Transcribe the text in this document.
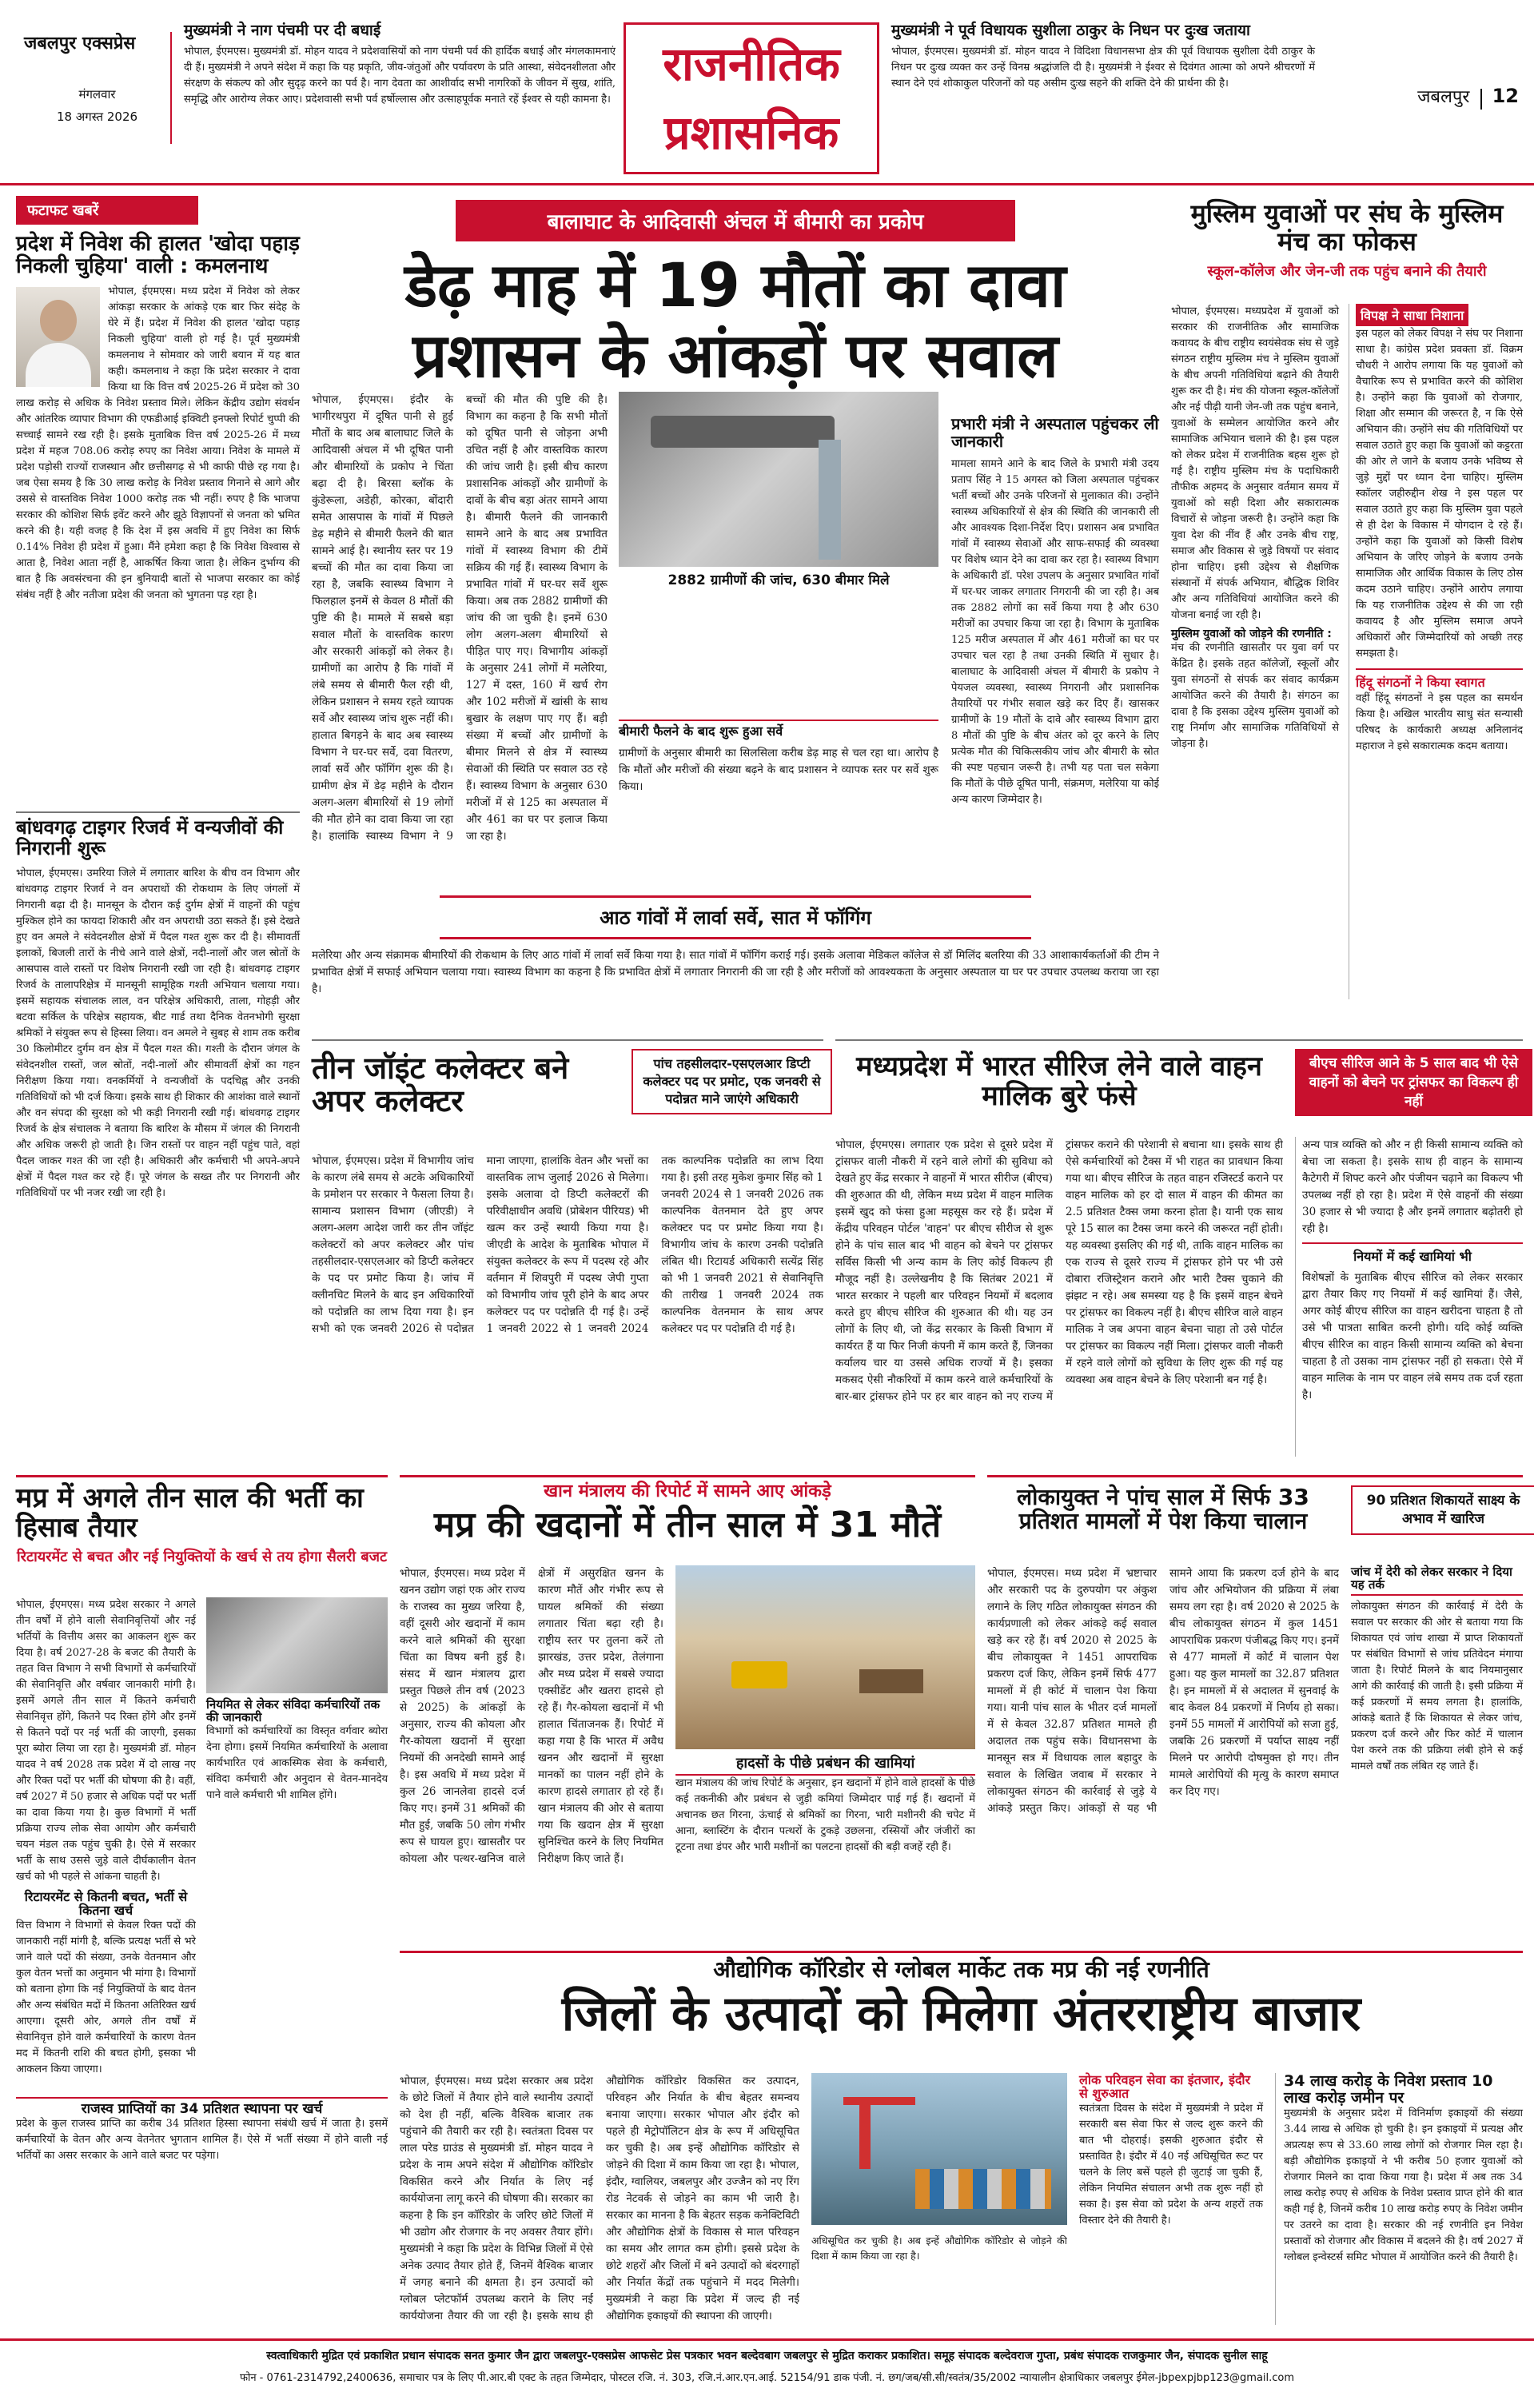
जबलपुर एक्सप्रेस
मंगलवार
18 अगस्त 2026
मुख्यमंत्री ने नाग पंचमी पर दी बधाई
भोपाल, ईएमएस। मुख्यमंत्री डॉ. मोहन यादव ने प्रदेशवासियों को नाग पंचमी पर्व की हार्दिक बधाई और मंगलकामनाएं दी हैं। मुख्यमंत्री ने अपने संदेश में कहा कि यह प्रकृति, जीव-जंतुओं और पर्यावरण के प्रति आस्था, संवेदनशीलता और संरक्षण के संकल्प को और सुदृढ़ करने का पर्व है। नाग देवता का आशीर्वाद सभी नागरिकों के जीवन में सुख, शांति, समृद्धि और आरोग्य लेकर आए। प्रदेशवासी सभी पर्व हर्षोल्लास और उत्साहपूर्वक मनाते रहें ईश्वर से यही कामना है।
राजनीतिक
प्रशासनिक
मुख्यमंत्री ने पूर्व विधायक सुशीला ठाकुर के निधन पर दुःख जताया
भोपाल, ईएमएस। मुख्यमंत्री डॉ. मोहन यादव ने विदिशा विधानसभा क्षेत्र की पूर्व विधायक सुशीला देवी ठाकुर के निधन पर दुःख व्यक्त कर उन्हें विनम्र श्रद्धांजलि दी है। मुख्यमंत्री ने ईश्वर से दिवंगत आत्मा को अपने श्रीचरणों में स्थान देने एवं शोकाकुल परिजनों को यह असीम दुःख सहने की शक्ति देने की प्रार्थना की है।
जबलपुर 12
फटाफट खबरें
प्रदेश में निवेश की हालत 'खोदा पहाड़ निकली चुहिया' वाली : कमलनाथ
भोपाल, ईएमएस। मध्य प्रदेश में निवेश को लेकर आंकड़ा सरकार के आंकड़े एक बार फिर संदेह के घेरे में हैं। प्रदेश में निवेश की हालत 'खोदा पहाड़ निकली चुहिया' वाली हो गई है। पूर्व मुख्यमंत्री कमलनाथ ने सोमवार को जारी बयान में यह बात कही। कमलनाथ ने कहा कि प्रदेश सरकार ने दावा किया था कि वित्त वर्ष 2025-26 में प्रदेश को 30 लाख करोड़ से अधिक के निवेश प्रस्ताव मिले। लेकिन केंद्रीय उद्योग संवर्धन और आंतरिक व्यापार विभाग की एफडीआई इक्विटी इनफ्लो रिपोर्ट चुप्पी की सच्चाई सामने रख रही है। इसके मुताबिक वित्त वर्ष 2025-26 में मध्य प्रदेश में महज 708.06 करोड़ रुपए का निवेश आया। निवेश के मामले में प्रदेश पड़ोसी राज्यों राजस्थान और छत्तीसगढ़ से भी काफी पीछे रह गया है। जब ऐसा समय है कि 30 लाख करोड़ के निवेश प्रस्ताव गिनाने से आगे और उससे से वास्तविक निवेश 1000 करोड़ तक भी नहीं। रुपए है कि भाजपा सरकार की कोशिश सिर्फ इवेंट करने और झूठे विज्ञापनों से जनता को भ्रमित करने की है। यही वजह है कि देश में इस अवधि में हुए निवेश का सिर्फ 0.14% निवेश ही प्रदेश में हुआ। मैंने हमेशा कहा है कि निवेश विश्वास से आता है, निवेश आता नहीं है, आकर्षित किया जाता है। लेकिन दुर्भाग्य की बात है कि अवसंरचना की इन बुनियादी बातों से भाजपा सरकार का कोई संबंध नहीं है और नतीजा प्रदेश की जनता को भुगतना पड़ रहा है।
बांधवगढ़ टाइगर रिजर्व में वन्यजीवों की निगरानी शुरू
भोपाल, ईएमएस। उमरिया जिले में लगातार बारिश के बीच वन विभाग और बांधवगढ़ टाइगर रिजर्व ने वन अपराधों की रोकथाम के लिए जंगलों में निगरानी बढ़ा दी है। मानसून के दौरान कई दुर्गम क्षेत्रों में वाहनों की पहुंच मुश्किल होने का फायदा शिकारी और वन अपराधी उठा सकते हैं। इसे देखते हुए वन अमले ने संवेदनशील क्षेत्रों में पैदल गश्त शुरू कर दी है। सीमावर्ती इलाकों, बिजली तारों के नीचे आने वाले क्षेत्रों, नदी-नालों और जल स्रोतों के आसपास वाले रास्तों पर विशेष निगरानी रखी जा रही है। बांधवगढ़ टाइगर रिजर्व के तालापरिक्षेत्र में मानसूनी सामूहिक गश्ती अभियान चलाया गया। इसमें सहायक संचालक लाल, वन परिक्षेत्र अधिकारी, ताला, गोहड़ी और बटवा सर्किल के परिक्षेत्र सहायक, बीट गार्ड तथा दैनिक वेतनभोगी सुरक्षा श्रमिकों ने संयुक्त रूप से हिस्सा लिया। वन अमले ने सुबह से शाम तक करीब 30 किलोमीटर दुर्गम वन क्षेत्र में पैदल गश्त की। गश्ती के दौरान जंगल के संवेदनशील रास्तों, जल स्रोतों, नदी-नालों और सीमावर्ती क्षेत्रों का गहन निरीक्षण किया गया। वनकर्मियों ने वन्यजीवों के पदचिह्न और उनकी गतिविधियों को भी दर्ज किया। इसके साथ ही शिकार की आशंका वाले स्थानों और वन संपदा की सुरक्षा को भी कड़ी निगरानी रखी गई। बांधवगढ़ टाइगर रिजर्व के क्षेत्र संचालक ने बताया कि बारिश के मौसम में जंगल की निगरानी और अधिक जरूरी हो जाती है। जिन रास्तों पर वाहन नहीं पहुंच पाते, वहां पैदल जाकर गश्त की जा रही है। अधिकारी और कर्मचारी भी अपने-अपने क्षेत्रों में पैदल गश्त कर रहे हैं। पूरे जंगल के सख्त तौर पर निगरानी और गतिविधियों पर भी नजर रखी जा रही है।
बालाघाट के आदिवासी अंचल में बीमारी का प्रकोप
डेढ़ माह में 19 मौतों का दावा
प्रशासन के आंकड़ों पर सवाल
भोपाल, ईएमएस। इंदौर के भागीरथपुरा में दूषित पानी से हुई मौतों के बाद अब बालाघाट जिले के आदिवासी अंचल में भी दूषित पानी और बीमारियों के प्रकोप ने चिंता बढ़ा दी है। बिरसा ब्लॉक के कुंडेरूला, अडेही, कोरका, बोंदारी समेत आसपास के गांवों में पिछले डेढ़ महीने से बीमारी फैलने की बात सामने आई है। स्थानीय स्तर पर 19 बच्चों की मौत का दावा किया जा रहा है, जबकि स्वास्थ्य विभाग ने फिलहाल इनमें से केवल 8 मौतों की पुष्टि की है। मामले में सबसे बड़ा सवाल मौतों के वास्तविक कारण और सरकारी आंकड़ों को लेकर है। ग्रामीणों का आरोप है कि गांवों में लंबे समय से बीमारी फैल रही थी, लेकिन प्रशासन ने समय रहते व्यापक सर्वे और स्वास्थ्य जांच शुरू नहीं की। हालात बिगड़ने के बाद अब स्वास्थ्य विभाग ने घर-घर सर्वे, दवा वितरण, लार्वा सर्वे और फॉगिंग शुरू की है। ग्रामीण क्षेत्र में डेढ़ महीने के दौरान अलग-अलग बीमारियों से 19 लोगों की मौत होने का दावा किया जा रहा है। हालांकि स्वास्थ्य विभाग ने 9 बच्चों की मौत की पुष्टि की है। विभाग का कहना है कि सभी मौतों को दूषित पानी से जोड़ना अभी उचित नहीं है और वास्तविक कारण की जांच जारी है। इसी बीच कारण प्रशासनिक आंकड़ों और ग्रामीणों के दावों के बीच बड़ा अंतर सामने आया है। बीमारी फैलने की जानकारी सामने आने के बाद अब प्रभावित गांवों में स्वास्थ्य विभाग की टीमें सक्रिय की गई हैं। स्वास्थ्य विभाग के प्रभावित गांवों में घर-घर सर्वे शुरू किया। अब तक 2882 ग्रामीणों की जांच की जा चुकी है। इनमें 630 लोग अलग-अलग बीमारियों से पीड़ित पाए गए। विभागीय आंकड़ों के अनुसार 241 लोगों में मलेरिया, 127 में दस्त, 160 में खर्च रोग और 102 मरीजों में खांसी के साथ बुखार के लक्षण पाए गए हैं। बड़ी संख्या में बच्चों और ग्रामीणों के बीमार मिलने से क्षेत्र में स्वास्थ्य सेवाओं की स्थिति पर सवाल उठ रहे हैं। स्वास्थ्य विभाग के अनुसार 630 मरीजों में से 125 का अस्पताल में और 461 का घर पर इलाज किया जा रहा है।
2882 ग्रामीणों की जांच, 630 बीमार मिले
ग्रामीणों के अनुसार बीमारी का सिलसिला करीब डेढ़ माह से चल रहा था। आरोप है कि मौतों और मरीजों की संख्या बढ़ने के बाद प्रशासन ने व्यापक स्तर पर सर्वे शुरू किया।
बीमारी फैलने के बाद शुरू हुआ सर्वे
प्रभारी मंत्री ने अस्पताल पहुंचकर ली जानकारी
मामला सामने आने के बाद जिले के प्रभारी मंत्री उदय प्रताप सिंह ने 15 अगस्त को जिला अस्पताल पहुंचकर भर्ती बच्चों और उनके परिजनों से मुलाकात की। उन्होंने स्वास्थ्य अधिकारियों से क्षेत्र की स्थिति की जानकारी ली और आवश्यक दिशा-निर्देश दिए। प्रशासन अब प्रभावित गांवों में स्वास्थ्य सेवाओं और साफ-सफाई की व्यवस्था पर विशेष ध्यान देने का दावा कर रहा है। स्वास्थ्य विभाग के अधिकारी डॉ. परेश उपलप के अनुसार प्रभावित गांवों में घर-घर जाकर लगातार निगरानी की जा रही है। अब तक 2882 लोगों का सर्वे किया गया है और 630 मरीजों का उपचार किया जा रहा है। विभाग के मुताबिक 125 मरीज अस्पताल में और 461 मरीजों का घर पर उपचार चल रहा है तथा उनकी स्थिति में सुधार है। बालाघाट के आदिवासी अंचल में बीमारी के प्रकोप ने पेयजल व्यवस्था, स्वास्थ्य निगरानी और प्रशासनिक तैयारियों पर गंभीर सवाल खड़े कर दिए हैं। खासकर ग्रामीणों के 19 मौतों के दावे और स्वास्थ्य विभाग द्वारा 8 मौतों की पुष्टि के बीच अंतर को दूर करने के लिए प्रत्येक मौत की चिकित्सकीय जांच और बीमारी के स्रोत की स्पष्ट पहचान जरूरी है। तभी यह पता चल सकेगा कि मौतों के पीछे दूषित पानी, संक्रमण, मलेरिया या कोई अन्य कारण जिम्मेदार है।
आठ गांवों में लार्वा सर्वे, सात में फॉगिंग
मलेरिया और अन्य संक्रामक बीमारियों की रोकथाम के लिए आठ गांवों में लार्वा सर्वे किया गया है। सात गांवों में फॉगिंग कराई गई। इसके अलावा मेडिकल कॉलेज से डॉ मिलिंद बलरिया की 33 आशाकार्यकर्ताओं की टीम ने प्रभावित क्षेत्रों में सफाई अभियान चलाया गया। स्वास्थ्य विभाग का कहना है कि प्रभावित क्षेत्रों में लगातार निगरानी की जा रही है और मरीजों को आवश्यकता के अनुसार अस्पताल या घर पर उपचार उपलब्ध कराया जा रहा है।
मुस्लिम युवाओं पर संघ के मुस्लिम मंच का फोकस
स्कूल-कॉलेज और जेन-जी तक पहुंच बनाने की तैयारी
भोपाल, ईएमएस। मध्यप्रदेश में युवाओं को सरकार की राजनीतिक और सामाजिक कवायद के बीच राष्ट्रीय स्वयंसेवक संघ से जुड़े संगठन राष्ट्रीय मुस्लिम मंच ने मुस्लिम युवाओं के बीच अपनी गतिविधियां बढ़ाने की तैयारी शुरू कर दी है। मंच की योजना स्कूल-कॉलेजों और नई पीढ़ी यानी जेन-जी तक पहुंच बनाने, युवाओं के सम्मेलन आयोजित करने और सामाजिक अभियान चलाने की है। इस पहल को लेकर प्रदेश में राजनीतिक बहस शुरू हो गई है। राष्ट्रीय मुस्लिम मंच के पदाधिकारी तौफीक अहमद के अनुसार वर्तमान समय में युवाओं को सही दिशा और सकारात्मक विचारों से जोड़ना जरूरी है। उन्होंने कहा कि युवा देश की नींव हैं और उनके बीच राष्ट्र, समाज और विकास से जुड़े विषयों पर संवाद होना चाहिए। इसी उद्देश्य से शैक्षणिक संस्थानों में संपर्क अभियान, बौद्धिक शिविर और अन्य गतिविधियां आयोजित करने की योजना बनाई जा रही है।
मुस्लिम युवाओं को जोड़ने की रणनीति :
मंच की रणनीति खासतौर पर युवा वर्ग पर केंद्रित है। इसके तहत कॉलेजों, स्कूलों और युवा संगठनों से संपर्क कर संवाद कार्यक्रम आयोजित करने की तैयारी है। संगठन का दावा है कि इसका उद्देश्य मुस्लिम युवाओं को राष्ट्र निर्माण और सामाजिक गतिविधियों से जोड़ना है।
विपक्ष ने साधा निशाना
इस पहल को लेकर विपक्ष ने संघ पर निशाना साधा है। कांग्रेस प्रदेश प्रवक्ता डॉ. विक्रम चौधरी ने आरोप लगाया कि यह युवाओं को वैचारिक रूप से प्रभावित करने की कोशिश है। उन्होंने कहा कि युवाओं को रोजगार, शिक्षा और सम्मान की जरूरत है, न कि ऐसे अभियान की। उन्होंने संघ की गतिविधियों पर सवाल उठाते हुए कहा कि युवाओं को कट्टरता की ओर ले जाने के बजाय उनके भविष्य से जुड़े मुद्दों पर ध्यान देना चाहिए। मुस्लिम स्कॉलर जहीरुद्दीन शेख ने इस पहल पर सवाल उठाते हुए कहा कि मुस्लिम युवा पहले से ही देश के विकास में योगदान दे रहे हैं। उन्होंने कहा कि युवाओं को किसी विशेष अभियान के जरिए जोड़ने के बजाय उनके सामाजिक और आर्थिक विकास के लिए ठोस कदम उठाने चाहिए। उन्होंने आरोप लगाया कि यह राजनीतिक उद्देश्य से की जा रही कवायद है और मुस्लिम समाज अपने अधिकारों और जिम्मेदारियों को अच्छी तरह समझता है।
हिंदू संगठनों ने किया स्वागत
वहीं हिंदू संगठनों ने इस पहल का समर्थन किया है। अखिल भारतीय साधु संत सन्यासी परिषद के कार्यकारी अध्यक्ष अनिलानंद महाराज ने इसे सकारात्मक कदम बताया।
तीन जॉइंट कलेक्टर बने अपर कलेक्टर
पांच तहसीलदार-एसएलआर डिप्टी कलेक्टर पद पर प्रमोट, एक जनवरी से पदोन्नत माने जाएंगे अधिकारी
भोपाल, ईएमएस। प्रदेश में विभागीय जांच के कारण लंबे समय से अटके अधिकारियों के प्रमोशन पर सरकार ने फैसला लिया है। सामान्य प्रशासन विभाग (जीएडी) ने अलग-अलग आदेश जारी कर तीन जॉइंट कलेक्टरों को अपर कलेक्टर और पांच तहसीलदार-एसएलआर को डिप्टी कलेक्टर के पद पर प्रमोट किया है। जांच में क्लीनचिट मिलने के बाद इन अधिकारियों को पदोन्नति का लाभ दिया गया है। इन सभी को एक जनवरी 2026 से पदोन्नत माना जाएगा, हालांकि वेतन और भत्तों का वास्तविक लाभ जुलाई 2026 से मिलेगा। इसके अलावा दो डिप्टी कलेक्टरों की परिवीक्षाधीन अवधि (प्रोबेशन पीरियड) भी खत्म कर उन्हें स्थायी किया गया है। जीएडी के आदेश के मुताबिक भोपाल में संयुक्त कलेक्टर के रूप में पदस्थ रहे और वर्तमान में शिवपुरी में पदस्थ जेपी गुप्ता को विभागीय जांच पूरी होने के बाद अपर कलेक्टर पद पर पदोन्नति दी गई है। उन्हें 1 जनवरी 2022 से 1 जनवरी 2024 तक काल्पनिक पदोन्नति का लाभ दिया गया है। इसी तरह मुकेश कुमार सिंह को 1 जनवरी 2024 से 1 जनवरी 2026 तक काल्पनिक वेतनमान देते हुए अपर कलेक्टर पद पर प्रमोट किया गया है। विभागीय जांच के कारण उनकी पदोन्नति लंबित थी। रिटायर्ड अधिकारी सत्येंद्र सिंह को भी 1 जनवरी 2021 से सेवानिवृत्ति की तारीख 1 जनवरी 2024 तक काल्पनिक वेतनमान के साथ अपर कलेक्टर पद पर पदोन्नति दी गई है।
मध्यप्रदेश में भारत सीरिज लेने वाले वाहन मालिक बुरे फंसे
बीएच सीरिज आने के 5 साल बाद भी ऐसे वाहनों को बेचने पर ट्रांसफर का विकल्प ही नहीं
भोपाल, ईएमएस। लगातार एक प्रदेश से दूसरे प्रदेश में ट्रांसफर वाली नौकरी में रहने वाले लोगों की सुविधा को देखते हुए केंद्र सरकार ने वाहनों में भारत सीरीज (बीएच) की शुरुआत की थी, लेकिन मध्य प्रदेश में वाहन मालिक इसमें खुद को फंसा हुआ महसूस कर रहे हैं। प्रदेश में केंद्रीय परिवहन पोर्टल 'वाहन' पर बीएच सीरीज से शुरू होने के पांच साल बाद भी वाहन को बेचने पर ट्रांसफर सर्विस किसी भी अन्य काम के लिए कोई विकल्प ही मौजूद नहीं है। उल्लेखनीय है कि सितंबर 2021 में भारत सरकार ने पहली बार परिवहन नियमों में बदलाव करते हुए बीएच सीरिज की शुरुआत की थी। यह उन लोगों के लिए थी, जो केंद्र सरकार के किसी विभाग में कार्यरत हैं या फिर निजी कंपनी में काम करते हैं, जिनका कर्यालय चार या उससे अधिक राज्यों में है। इसका मकसद ऐसी नौकरियों में काम करने वाले कर्मचारियों के बार-बार ट्रांसफर होने पर हर बार वाहन को नए राज्य में ट्रांसफर कराने की परेशानी से बचाना था। इसके साथ ही ऐसे कर्मचारियों को टैक्स में भी राहत का प्रावधान किया गया था। बीएच सीरिज के तहत वाहन रजिस्टर्ड कराने पर वाहन मालिक को हर दो साल में वाहन की कीमत का 2.5 प्रतिशत टैक्स जमा करना होता है। यानी एक साथ पूरे 15 साल का टैक्स जमा करने की जरूरत नहीं होती। यह व्यवस्था इसलिए की गई थी, ताकि वाहन मालिक का एक राज्य से दूसरे राज्य में ट्रांसफर होने पर भी उसे दोबारा रजिस्ट्रेशन कराने और भारी टैक्स चुकाने की झंझट न रहे। अब समस्या यह है कि इसमें वाहन बेचने पर ट्रांसफर का विकल्प नहीं है। बीएच सीरिज वाले वाहन मालिक ने जब अपना वाहन बेचना चाहा तो उसे पोर्टल पर ट्रांसफर का विकल्प नहीं मिला। ट्रांसफर वाली नौकरी में रहने वाले लोगों को सुविधा के लिए शुरू की गई यह व्यवस्था अब वाहन बेचने के लिए परेशानी बन गई है।
अन्य पात्र व्यक्ति को और न ही किसी सामान्य व्यक्ति को बेचा जा सकता है। इसके साथ ही वाहन के सामान्य कैटेगरी में शिफ्ट करने और पंजीयन चढ़ाने का विकल्प भी उपलब्ध नहीं हो रहा है। प्रदेश में ऐसे वाहनों की संख्या 30 हजार से भी ज्यादा है और इनमें लगातार बढ़ोतरी हो रही है।
नियमों में कई खामियां भी
विशेषज्ञों के मुताबिक बीएच सीरिज को लेकर सरकार द्वारा तैयार किए गए नियमों में कई खामियां हैं। जैसे, अगर कोई बीएच सीरिज का वाहन खरीदना चाहता है तो उसे भी पात्रता साबित करनी होगी। यदि कोई व्यक्ति बीएच सीरिज का वाहन किसी सामान्य व्यक्ति को बेचना चाहता है तो उसका नाम ट्रांसफर नहीं हो सकता। ऐसे में वाहन मालिक के नाम पर वाहन लंबे समय तक दर्ज रहता है।
मप्र में अगले तीन साल की भर्ती का हिसाब तैयार
रिटायरमेंट से बचत और नई नियुक्तियों के खर्च से तय होगा सैलरी बजट
भोपाल, ईएमएस। मध्य प्रदेश सरकार ने अगले तीन वर्षों में होने वाली सेवानिवृत्तियों और नई भर्तियों के वित्तीय असर का आकलन शुरू कर दिया है। वर्ष 2027-28 के बजट की तैयारी के तहत वित्त विभाग ने सभी विभागों से कर्मचारियों की सेवानिवृत्ति और वर्षवार जानकारी मांगी है। इसमें अगले तीन साल में कितने कर्मचारी सेवानिवृत्त होंगे, कितने पद रिक्त होंगे और इनमें से कितने पदों पर नई भर्ती की जाएगी, इसका पूरा ब्योरा लिया जा रहा है। मुख्यमंत्री डॉ. मोहन यादव ने वर्ष 2028 तक प्रदेश में दो लाख नए और रिक्त पदों पर भर्ती की घोषणा की है। वहीं, वर्ष 2027 में 50 हजार से अधिक पदों पर भर्ती का दावा किया गया है। कुछ विभागों में भर्ती प्रक्रिया राज्य लोक सेवा आयोग और कर्मचारी चयन मंडल तक पहुंच चुकी है। ऐसे में सरकार भर्ती के साथ उससे जुड़े वाले दीर्घकालीन वेतन खर्च को भी पहले से आंकना चाहती है।
रिटायरमेंट से कितनी बचत, भर्ती से कितना खर्च
वित्त विभाग ने विभागों से केवल रिक्त पदों की जानकारी नहीं मांगी है, बल्कि प्रत्यक्ष भर्ती से भरे जाने वाले पदों की संख्या, उनके वेतनमान और कुल वेतन भत्तों का अनुमान भी मांगा है। विभागों को बताना होगा कि नई नियुक्तियों के बाद वेतन और अन्य संबंधित मदों में कितना अतिरिक्त खर्च आएगा। दूसरी ओर, अगले तीन वर्षों में सेवानिवृत्त होने वाले कर्मचारियों के कारण वेतन मद में कितनी राशि की बचत होगी, इसका भी आकलन किया जाएगा।
नियमित से लेकर संविदा कर्मचारियों तक की जानकारी
विभागों को कर्मचारियों का विस्तृत वर्गवार ब्योरा देना होगा। इसमें नियमित कर्मचारियों के अलावा कार्यभारित एवं आकस्मिक सेवा के कर्मचारी, संविदा कर्मचारी और अनुदान से वेतन-मानदेय पाने वाले कर्मचारी भी शामिल होंगे।
राजस्व प्राप्तियों का 34 प्रतिशत स्थापना पर खर्च
प्रदेश के कुल राजस्व प्राप्ति का करीब 34 प्रतिशत हिस्सा स्थापना संबंधी खर्च में जाता है। इसमें कर्मचारियों के वेतन और अन्य वेतनेतर भुगतान शामिल हैं। ऐसे में भर्ती संख्या में होने वाली नई भर्तियों का असर सरकार के आने वाले बजट पर पड़ेगा।
खान मंत्रालय की रिपोर्ट में सामने आए आंकड़े
मप्र की खदानों में तीन साल में 31 मौतें
भोपाल, ईएमएस। मध्य प्रदेश में खनन उद्योग जहां एक ओर राज्य के राजस्व का मुख्य जरिया है, वहीं दूसरी ओर खदानों में काम करने वाले श्रमिकों की सुरक्षा चिंता का विषय बनी हुई है। संसद में खान मंत्रालय द्वारा प्रस्तुत पिछले तीन वर्ष (2023 से 2025) के आंकड़ों के अनुसार, राज्य की कोयला और गैर-कोयला खदानों में सुरक्षा नियमों की अनदेखी सामने आई है। इस अवधि में मध्य प्रदेश में कुल 26 जानलेवा हादसे दर्ज किए गए। इनमें 31 श्रमिकों की मौत हुई, जबकि 50 लोग गंभीर रूप से घायल हुए। खासतौर पर कोयला और पत्थर-खनिज वाले क्षेत्रों में असुरक्षित खनन के कारण मौतें और गंभीर रूप से घायल श्रमिकों की संख्या लगातार चिंता बढ़ा रही है। राष्ट्रीय स्तर पर तुलना करें तो झारखंड, उत्तर प्रदेश, तेलंगाना और मध्य प्रदेश में सबसे ज्यादा एक्सीडेंट और खतरा हादसे हो रहे हैं। गैर-कोयला खदानों में भी हालात चिंताजनक हैं। रिपोर्ट में कहा गया है कि भारत में अवैध खनन और खदानों में सुरक्षा मानकों का पालन नहीं होने के कारण हादसे लगातार हो रहे हैं। खान मंत्रालय की ओर से बताया गया कि खदान क्षेत्र में सुरक्षा सुनिश्चित करने के लिए नियमित निरीक्षण किए जाते हैं।
हादसों के पीछे प्रबंधन की खामियां
खान मंत्रालय की जांच रिपोर्ट के अनुसार, इन खदानों में होने वाले हादसों के पीछे कई तकनीकी और प्रबंधन से जुड़ी कमियां जिम्मेदार पाई गई हैं। खदानों में अचानक छत गिरना, ऊंचाई से श्रमिकों का गिरना, भारी मशीनरी की चपेट में आना, ब्लास्टिंग के दौरान पत्थरों के टुकड़े उछलना, रस्सियों और जंजीरों का टूटना तथा डंपर और भारी मशीनों का पलटना हादसों की बड़ी वजहें रही हैं।
लोकायुक्त ने पांच साल में सिर्फ 33 प्रतिशत मामलों में पेश किया चालान
90 प्रतिशत शिकायतें साक्ष्य के अभाव में खारिज
भोपाल, ईएमएस। मध्य प्रदेश में भ्रष्टाचार और सरकारी पद के दुरुपयोग पर अंकुश लगाने के लिए गठित लोकायुक्त संगठन की कार्यप्रणाली को लेकर आंकड़े कई सवाल खड़े कर रहे हैं। वर्ष 2020 से 2025 के बीच लोकायुक्त ने 1451 आपराधिक प्रकरण दर्ज किए, लेकिन इनमें सिर्फ 477 मामलों में ही कोर्ट में चालान पेश किया गया। यानी पांच साल के भीतर दर्ज मामलों में से केवल 32.87 प्रतिशत मामले ही अदालत तक पहुंच सके। विधानसभा के मानसून सत्र में विधायक लाल बहादुर के सवाल के लिखित जवाब में सरकार ने लोकायुक्त संगठन की कार्रवाई से जुड़े ये आंकड़े प्रस्तुत किए। आंकड़ों से यह भी सामने आया कि प्रकरण दर्ज होने के बाद जांच और अभियोजन की प्रक्रिया में लंबा समय लग रहा है। वर्ष 2020 से 2025 के बीच लोकायुक्त संगठन में कुल 1451 आपराधिक प्रकरण पंजीबद्ध किए गए। इनमें से 477 मामलों में कोर्ट में चालान पेश हुआ। यह कुल मामलों का 32.87 प्रतिशत है। इन मामलों में से अदालत में सुनवाई के बाद केवल 84 प्रकरणों में निर्णय हो सका। इनमें 55 मामलों में आरोपियों को सजा हुई, जबकि 26 प्रकरणों में पर्याप्त साक्ष्य नहीं मिलने पर आरोपी दोषमुक्त हो गए। तीन मामले आरोपियों की मृत्यु के कारण समाप्त कर दिए गए।
जांच में देरी को लेकर सरकार ने दिया यह तर्क
लोकायुक्त संगठन की कार्रवाई में देरी के सवाल पर सरकार की ओर से बताया गया कि शिकायत एवं जांच शाखा में प्राप्त शिकायतों पर संबंधित विभागों से जांच प्रतिवेदन मंगाया जाता है। रिपोर्ट मिलने के बाद नियमानुसार आगे की कार्रवाई की जाती है। इसी प्रक्रिया में कई प्रकरणों में समय लगता है। हालांकि, आंकड़े बताते हैं कि शिकायत से लेकर जांच, प्रकरण दर्ज करने और फिर कोर्ट में चालान पेश करने तक की प्रक्रिया लंबी होने से कई मामले वर्षों तक लंबित रह जाते हैं।
औद्योगिक कॉरिडोर से ग्लोबल मार्केट तक मप्र की नई रणनीति
जिलों के उत्पादों को मिलेगा अंतरराष्ट्रीय बाजार
भोपाल, ईएमएस। मध्य प्रदेश सरकार अब प्रदेश के छोटे जिलों में तैयार होने वाले स्थानीय उत्पादों को देश ही नहीं, बल्कि वैश्विक बाजार तक पहुंचाने की तैयारी कर रही है। स्वतंत्रता दिवस पर लाल परेड ग्राउंड से मुख्यमंत्री डॉ. मोहन यादव ने प्रदेश के नाम अपने संदेश में औद्योगिक कॉरिडोर विकसित करने और निर्यात के लिए नई कार्ययोजना लागू करने की घोषणा की। सरकार का कहना है कि इन कॉरिडोर के जरिए छोटे जिलों में भी उद्योग और रोजगार के नए अवसर तैयार होंगे। मुख्यमंत्री ने कहा कि प्रदेश के विभिन्न जिलों में ऐसे अनेक उत्पाद तैयार होते हैं, जिनमें वैश्विक बाजार में जगह बनाने की क्षमता है। इन उत्पादों को ग्लोबल प्लेटफॉर्म उपलब्ध कराने के लिए नई कार्ययोजना तैयार की जा रही है। इसके साथ ही औद्योगिक कॉरिडोर विकसित कर उत्पादन, परिवहन और निर्यात के बीच बेहतर समन्वय बनाया जाएगा। सरकार भोपाल और इंदौर को पहले ही मेट्रोपॉलिटन क्षेत्र के रूप में अधिसूचित कर चुकी है। अब इन्हें औद्योगिक कॉरिडोर से जोड़ने की दिशा में काम किया जा रहा है। भोपाल, इंदौर, ग्वालियर, जबलपुर और उज्जैन को नए रिंग रोड नेटवर्क से जोड़ने का काम भी जारी है। सरकार का मानना है कि बेहतर सड़क कनेक्टिविटी और औद्योगिक क्षेत्रों के विकास से माल परिवहन का समय और लागत कम होगी। इससे प्रदेश के छोटे शहरों और जिलों में बने उत्पादों को बंदरगाहों और निर्यात केंद्रों तक पहुंचाने में मदद मिलेगी। मुख्यमंत्री ने कहा कि प्रदेश में जल्द ही नई औद्योगिक इकाइयों की स्थापना की जाएगी।
अधिसूचित कर चुकी है। अब इन्हें औद्योगिक कॉरिडोर से जोड़ने की दिशा में काम किया जा रहा है।
लोक परिवहन सेवा का इंतजार, इंदौर से शुरुआत
स्वतंत्रता दिवस के संदेश में मुख्यमंत्री ने प्रदेश में सरकारी बस सेवा फिर से जल्द शुरू करने की बात भी दोहराई। इसकी शुरुआत इंदौर से प्रस्तावित है। इंदौर में 40 नई अधिसूचित रूट पर चलने के लिए बसें पहले ही जुटाई जा चुकी हैं, लेकिन नियमित संचालन अभी तक शुरू नहीं हो सका है। इस सेवा को प्रदेश के अन्य शहरों तक विस्तार देने की तैयारी है।
34 लाख करोड़ के निवेश प्रस्ताव 10 लाख करोड़ जमीन पर
मुख्यमंत्री के अनुसार प्रदेश में विनिर्माण इकाइयों की संख्या 3.44 लाख से अधिक हो चुकी है। इन इकाइयों में प्रत्यक्ष और अप्रत्यक्ष रूप से 33.60 लाख लोगों को रोजगार मिल रहा है। बड़ी औद्योगिक इकाइयों ने भी करीब 50 हजार युवाओं को रोजगार मिलने का दावा किया गया है। प्रदेश में अब तक 34 लाख करोड़ रुपए से अधिक के निवेश प्रस्ताव प्राप्त होने की बात कही गई है, जिनमें करीब 10 लाख करोड़ रुपए के निवेश जमीन पर उतरने का दावा है। सरकार की नई रणनीति इन निवेश प्रस्तावों को रोजगार और विकास में बदलने की है। वर्ष 2027 में ग्लोबल इन्वेस्टर्स समिट भोपाल में आयोजित करने की तैयारी है।
स्वत्वाधिकारी मुद्रित एवं प्रकाशित प्रधान संपादक सनत कुमार जैन द्वारा जबलपुर-एक्सप्रेस आफसेट प्रेस पत्रकार भवन बल्देवबाग जबलपुर से मुद्रित कराकर प्रकाशित। समूह संपादक बल्देवराज गुप्ता, प्रबंध संपादक राजकुमार जैन, संपादक सुनील साहू
फोन - 0761-2314792,2400636, समाचार पत्र के लिए पी.आर.बी एक्ट के तहत जिम्मेदार, पोस्टल रजि. नं. 303, रजि.नं.आर.एन.आई. 52154/91 डाक पंजी. नं. छग/जब/सी.सी/स्वतंत्र/35/2002 न्यायालीन क्षेत्राधिकार जबलपुर ईमेल-jbpexpjbp123@gmail.com
